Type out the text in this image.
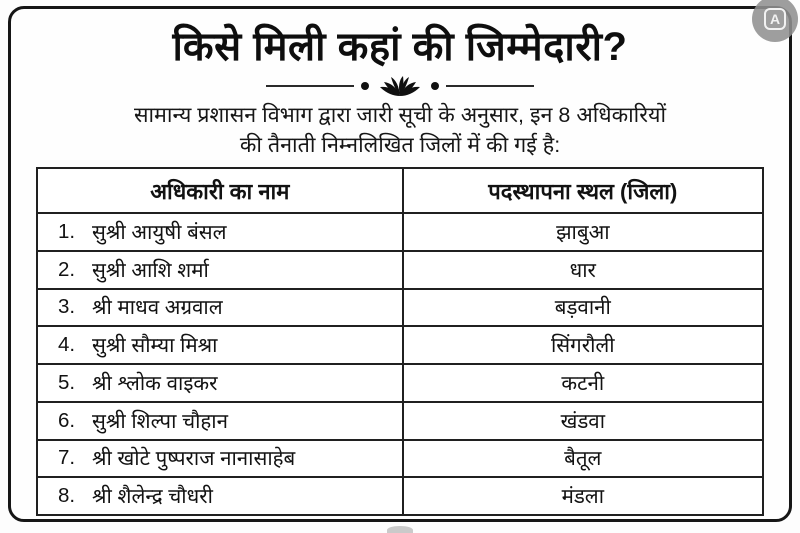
किसे मिली कहां की जिम्मेदारी?
सामान्य प्रशासन विभाग द्वारा जारी सूची के अनुसार, इन 8 अधिकारियों
की तैनाती निम्नलिखित जिलों में की गई है:
अधिकारी का नाम	पदस्थापना स्थल (जिला)
1. सुश्री आयुषी बंसल	झाबुआ
2. सुश्री आशि शर्मा	धार
3. श्री माधव अग्रवाल	बड़वानी
4. सुश्री सौम्या मिश्रा	सिंगरौली
5. श्री श्लोक वाइकर	कटनी
6. सुश्री शिल्पा चौहान	खंडवा
7. श्री खोटे पुष्पराज नानासाहेब	बैतूल
8. श्री शैलेन्द्र चौधरी	मंडला
A
